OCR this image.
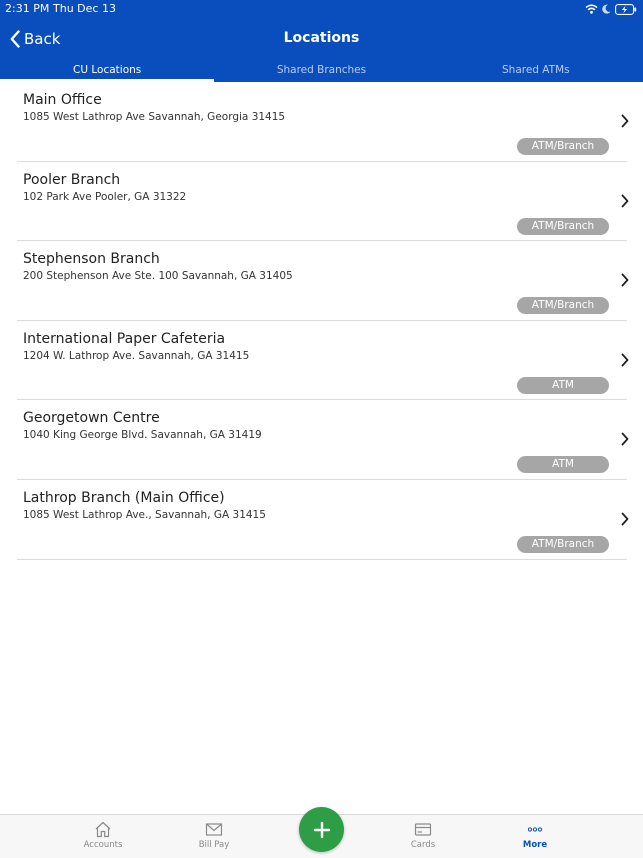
2:31 PM Thu Dec 13
Back	Locations
CU Locations	Shared Branches	Shared ATMs
Main Office
1085 West Lathrop Ave Savannah, Georgia 31415
ATM/Branch
Pooler Branch
102 Park Ave Pooler, GA 31322
ATM/Branch
Stephenson Branch
200 Stephenson Ave Ste. 100 Savannah, GA 31405
ATM/Branch
International Paper Cafeteria
1204 W. Lathrop Ave. Savannah, GA 31415
ATM
Georgetown Centre
1040 King George Blvd. Savannah, GA 31419
ATM
Lathrop Branch (Main Office)
1085 West Lathrop Ave., Savannah, GA 31415
ATM/Branch
Accounts	Bill Pay	Cards	More
